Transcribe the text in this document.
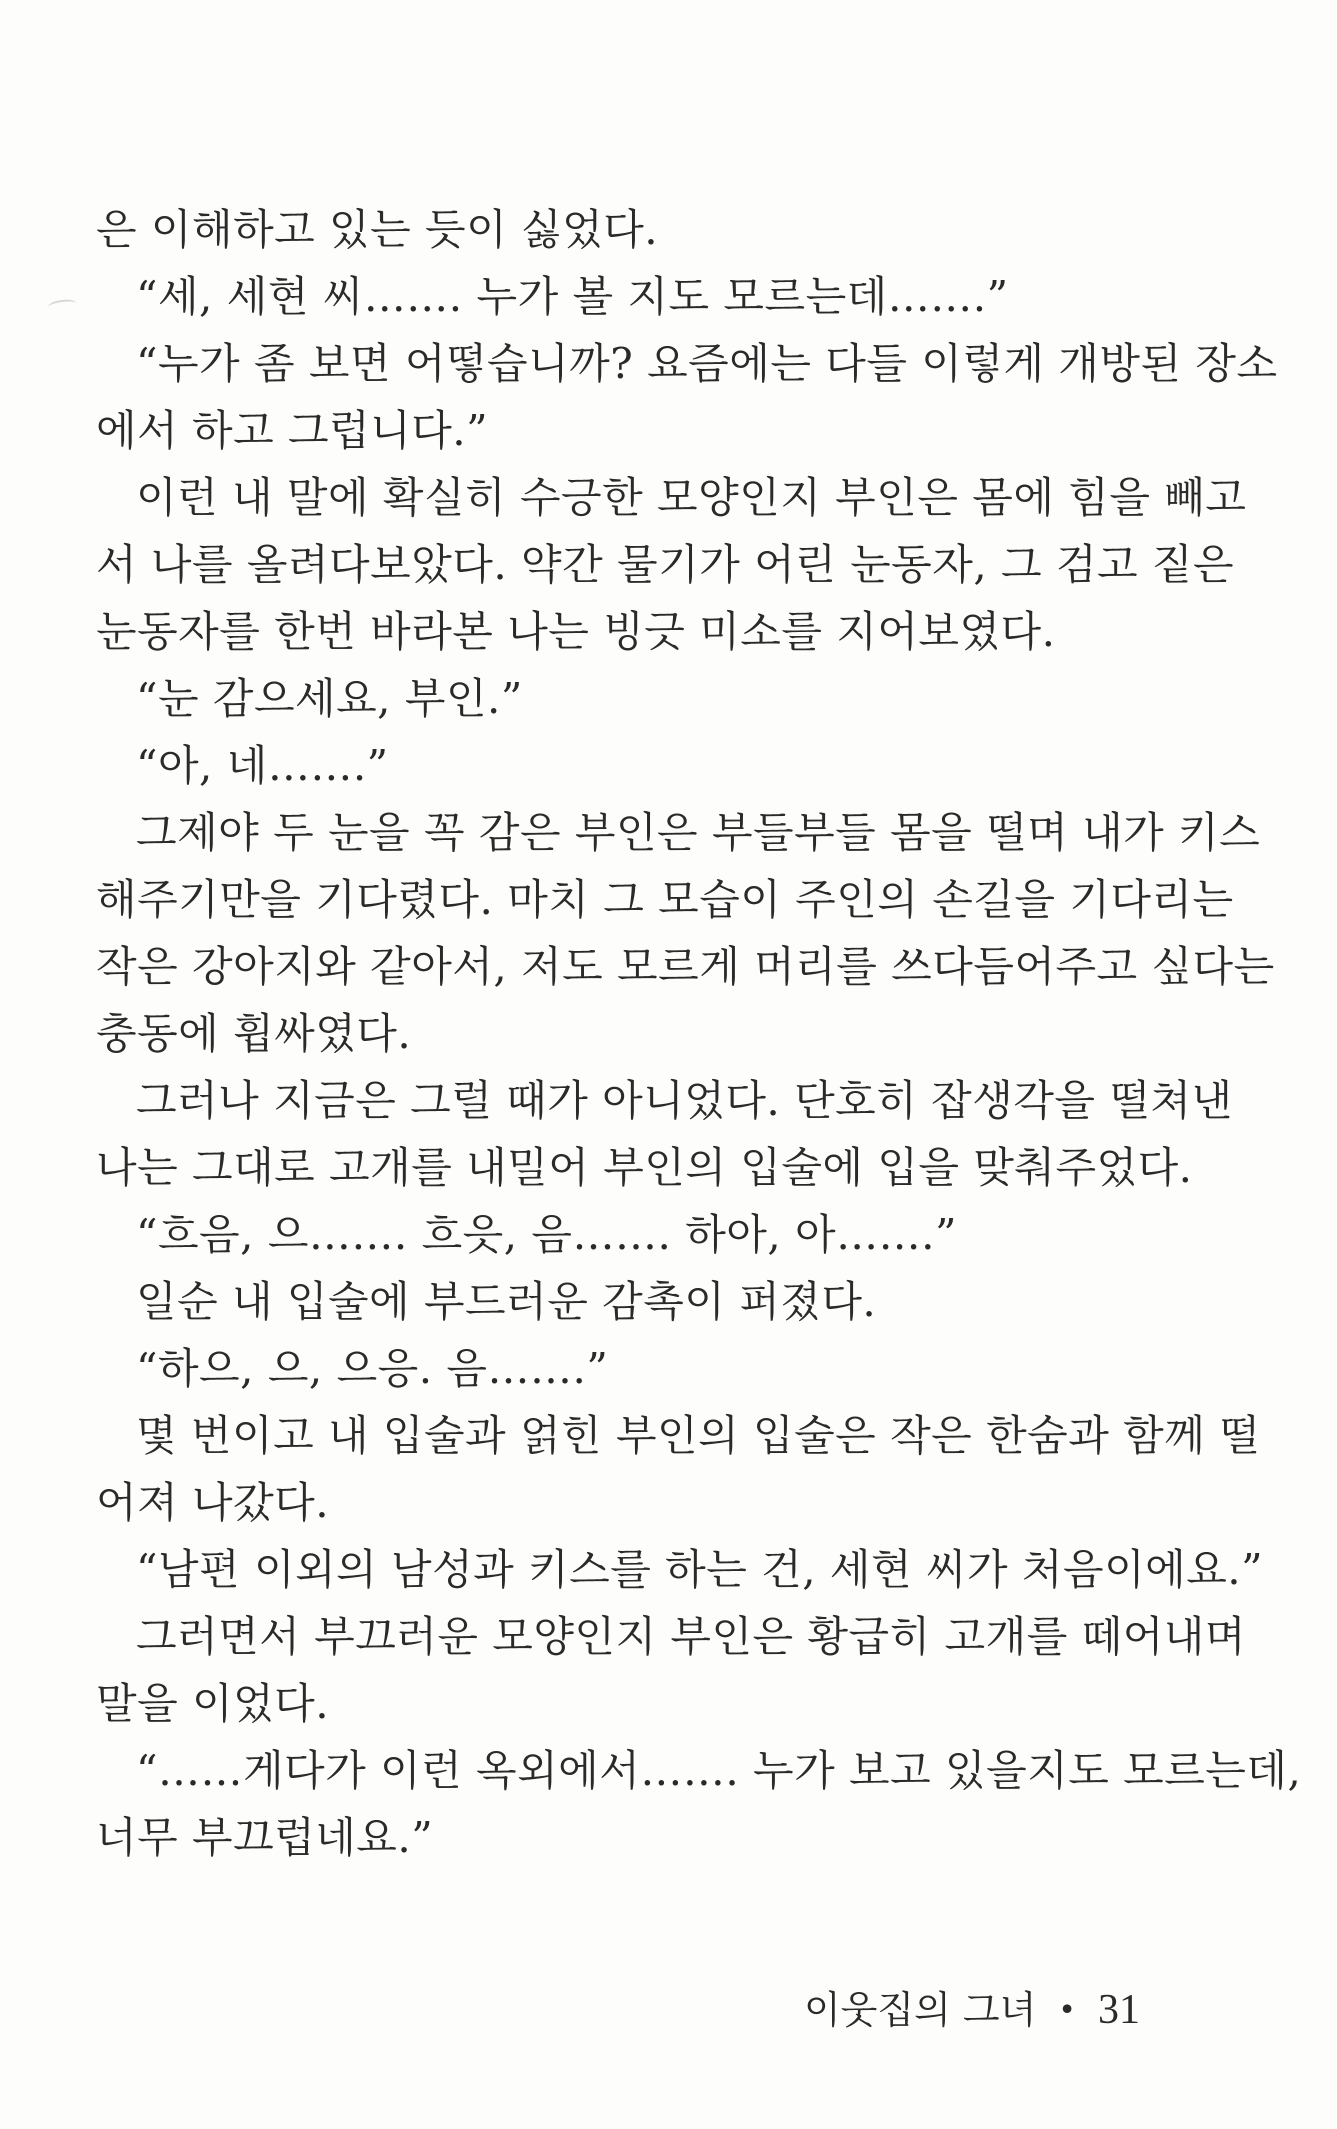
은 이해하고 있는 듯이 싫었다.
“세, 세현 씨……. 누가 볼 지도 모르는데…….”
“누가 좀 보면 어떻습니까? 요즘에는 다들 이렇게 개방된 장소
에서 하고 그럽니다.”
이런 내 말에 확실히 수긍한 모양인지 부인은 몸에 힘을 빼고
서 나를 올려다보았다. 약간 물기가 어린 눈동자, 그 검고 짙은
눈동자를 한번 바라본 나는 빙긋 미소를 지어보였다.
“눈 감으세요, 부인.”
“아, 네…….”
그제야 두 눈을 꼭 감은 부인은 부들부들 몸을 떨며 내가 키스
해주기만을 기다렸다. 마치 그 모습이 주인의 손길을 기다리는
작은 강아지와 같아서, 저도 모르게 머리를 쓰다듬어주고 싶다는
충동에 휩싸였다.
그러나 지금은 그럴 때가 아니었다. 단호히 잡생각을 떨쳐낸
나는 그대로 고개를 내밀어 부인의 입술에 입을 맞춰주었다.
“흐음, 으……. 흐읏, 음……. 하아, 아…….”
일순 내 입술에 부드러운 감촉이 퍼졌다.
“하으, 으, 으응. 음…….”
몇 번이고 내 입술과 얽힌 부인의 입술은 작은 한숨과 함께 떨
어져 나갔다.
“남편 이외의 남성과 키스를 하는 건, 세현 씨가 처음이에요.”
그러면서 부끄러운 모양인지 부인은 황급히 고개를 떼어내며
말을 이었다.
“……게다가 이런 옥외에서……. 누가 보고 있을지도 모르는데,
너무 부끄럽네요.”
이웃집의 그녀 • 31
